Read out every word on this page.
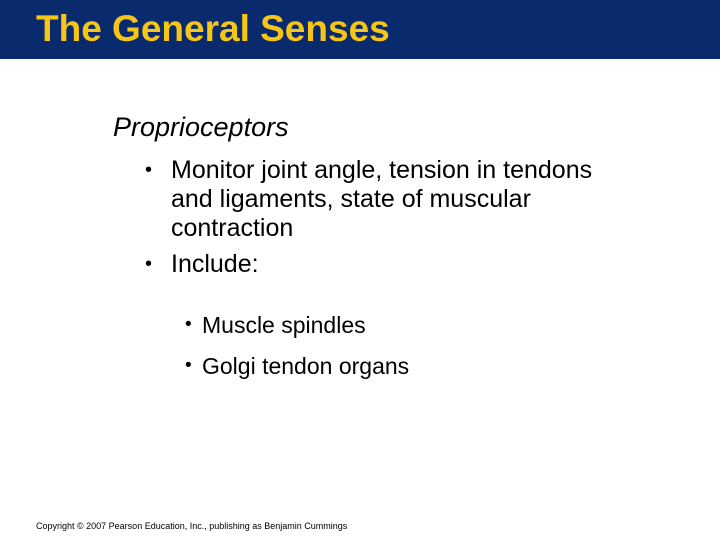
The General Senses
Proprioceptors
• Monitor joint angle, tension in tendons and ligaments, state of muscular contraction
• Include:
• Muscle spindles
• Golgi tendon organs

Copyright © 2007 Pearson Education, Inc., publishing as Benjamin Cummings
